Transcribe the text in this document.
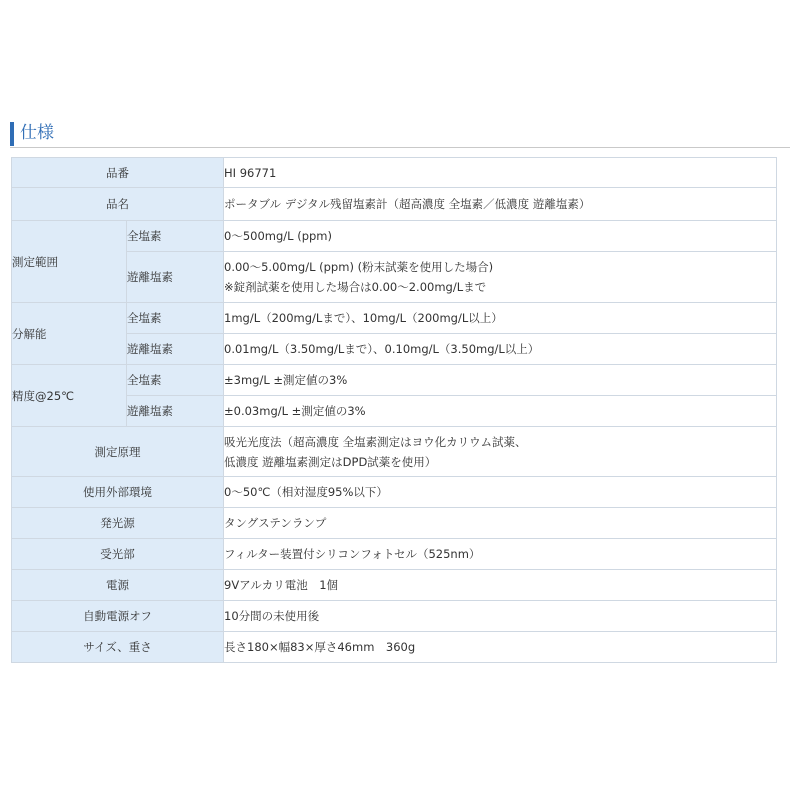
仕様
品番		HI 96771
品名		ポータブル デジタル残留塩素計（超高濃度 全塩素／低濃度 遊離塩素）
測定範囲	全塩素	0〜500mg/L (ppm)
	遊離塩素	0.00〜5.00mg/L (ppm) (粉末試薬を使用した場合)
※錠剤試薬を使用した場合は0.00〜2.00mg/Lまで

分解能	全塩素	1mg/L（200mg/Lまで）、10mg/L（200mg/L以上）
	遊離塩素	0.01mg/L（3.50mg/Lまで）、0.10mg/L（3.50mg/L以上）
精度@25℃	全塩素	±3mg/L ±測定値の3%
	遊離塩素	±0.03mg/L ±測定値の3%
測定原理		吸光光度法（超高濃度 全塩素測定はヨウ化カリウム試薬、
低濃度 遊離塩素測定はDPD試薬を使用）

使用外部環境		0〜50℃（相対湿度95%以下）
発光源		タングステンランプ
受光部		フィルター装置付シリコンフォトセル（525nm）
電源		9Vアルカリ電池　1個
自動電源オフ		10分間の未使用後
サイズ、重さ		長さ180×幅83×厚さ46mm　360g
